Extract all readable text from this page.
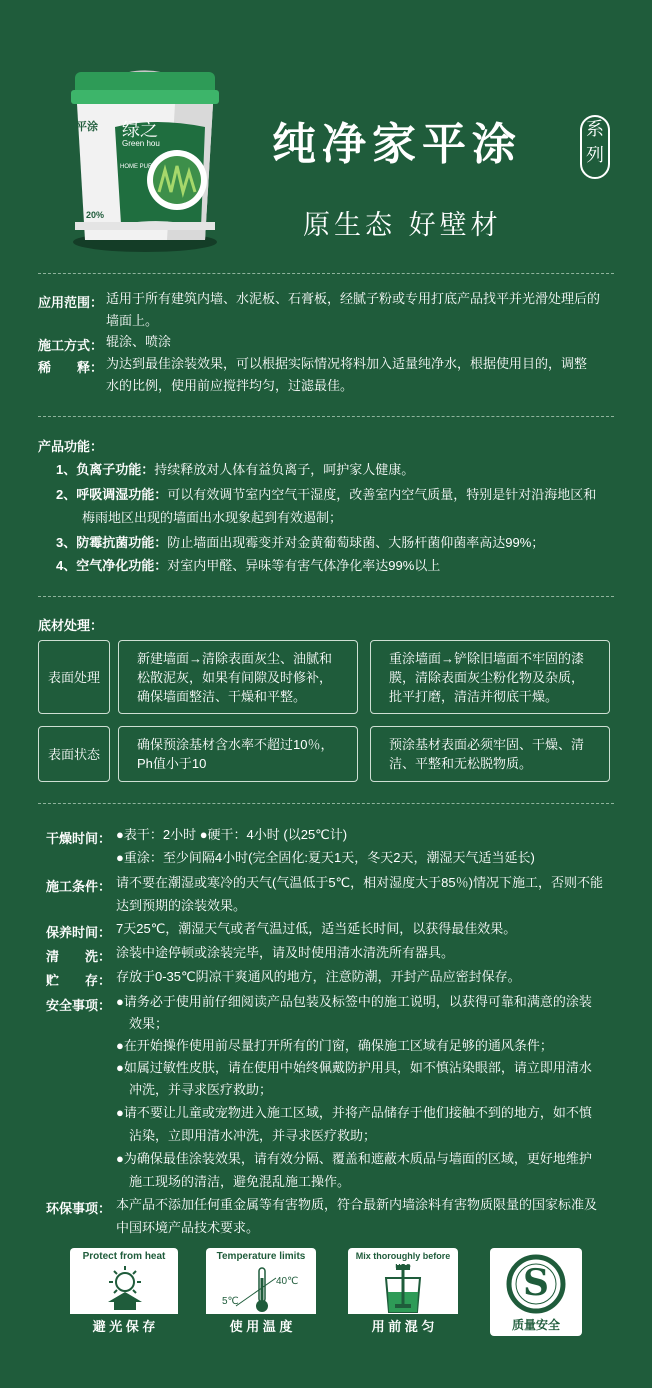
平涂 绿之
Green hou
HOME PURE
20%
纯净家平涂	系
列
原生态 好壁材
应用范围： 适用于所有建筑内墙、水泥板、石膏板，经腻子粉或专用打底产品找平并光滑处理后的
墙面上。
施工方式： 辊涂、喷涂
稀　　释： 为达到最佳涂装效果，可以根据实际情况将料加入适量纯净水，根据使用目的，调整
水的比例，使用前应搅拌均匀，过滤最佳。
产品功能：
1、负离子功能：持续释放对人体有益负离子，呵护家人健康。
2、呼吸调湿功能：可以有效调节室内空气干湿度，改善室内空气质量，特别是针对沿海地区和
梅雨地区出现的墙面出水现象起到有效遏制；
3、防霉抗菌功能：防止墙面出现霉变并对金黄葡萄球菌、大肠杆菌仰菌率高达99%；
4、空气净化功能：对室内甲醛、异味等有害气体净化率达99%以上
底材处理：
表面处理
新建墙面→清除表面灰尘、油腻和
松散泥灰，如果有间隙及时修补，
确保墙面整洁、干燥和平整。
重涂墙面→铲除旧墙面不牢固的漆
膜，清除表面灰尘粉化物及杂质，
批平打磨，清洁并彻底干燥。
表面状态
确保预涂基材含水率不超过10％，
Ph值小于10
预涂基材表面必须牢固、干燥、清
洁、平整和无松脱物质。
干燥时间： ●表干：2小时 ●硬干：4小时 (以25℃计)
●重涂：至少间隔4小时(完全固化:夏天1天，冬天2天，潮湿天气适当延长)
施工条件： 请不要在潮湿或寒冷的天气(气温低于5℃，相对湿度大于85％)情况下施工，否则不能
达到预期的涂装效果。
保养时间： 7天25℃，潮湿天气或者气温过低，适当延长时间，以获得最佳效果。
清　　洗： 涂装中途停顿或涂装完毕，请及时使用清水清洗所有器具。
贮　　存： 存放于0-35℃阴凉干爽通风的地方，注意防潮，开封产品应密封保存。
安全事项： ●请务必于使用前仔细阅读产品包装及标签中的施工说明，以获得可靠和满意的涂装
　效果；
●在开始操作使用前尽量打开所有的门窗，确保施工区域有足够的通风条件；
●如属过敏性皮肤，请在使用中始终佩戴防护用具，如不慎沾染眼部，请立即用清水
　冲洗，并寻求医疗救助；
●请不要让儿童或宠物进入施工区域，并将产品储存于他们接触不到的地方，如不慎
　沾染，立即用清水冲洗，并寻求医疗救助；
●为确保最佳涂装效果，请有效分隔、覆盖和遮蔽木质品与墙面的区域，更好地维护
　施工现场的清洁，避免混乱施工操作。
环保事项： 本产品不添加任何重金属等有害物质，符合最新内墙涂料有害物质限量的国家标准及
中国环境产品技术要求。
Protect from heat
避 光 保 存
Temperature limits
40℃
5℃
使 用 温 度
Mix thoroughly before
用 前 混 匀
S
质量安全
